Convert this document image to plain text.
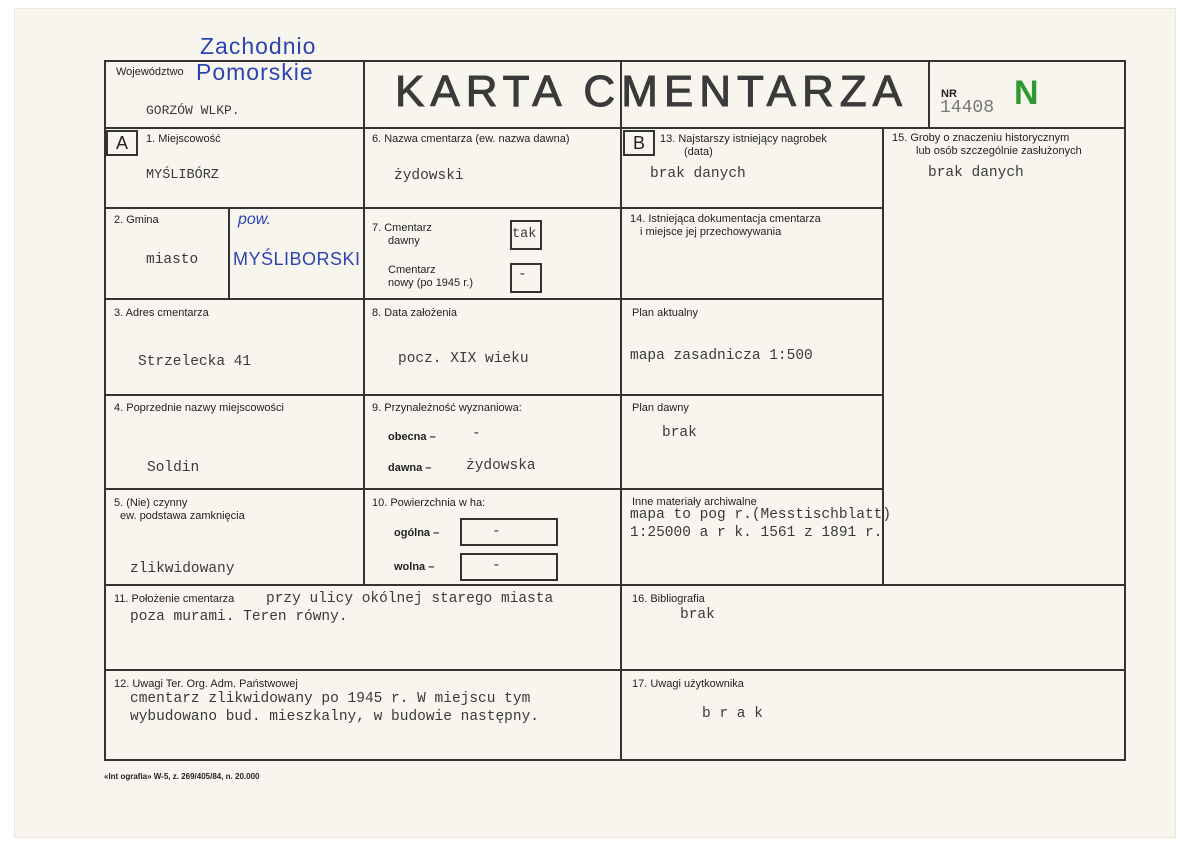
Województwo
Zachodnio
Pomorskie
GORZÓW WLKP.	KARTA CMENTARZA	NR
14408 N
A	B
1. Miejscowość
MYŚLIBÓRZ
6. Nazwa cmentarza (ew. nazwa dawna)
żydowski
13. Najstarszy istniejący nagrobek
(data)
brak danych
15. Groby o znaczeniu historycznym
lub osób szczególnie zasłużonych
brak danych
2. Gmina
miasto
pow.
MYŚLIBORSKI
7. Cmentarz
dawny	tak
Cmentarz
nowy (po 1945 r.)	-
14. Istniejąca dokumentacja cmentarza
i miejsce jej przechowywania
3. Adres cmentarza
Strzelecka 41
8. Data założenia
pocz. XIX wieku
Plan aktualny
mapa zasadnicza 1:500
4. Poprzednie nazwy miejscowości
Soldin
9. Przynależność wyznaniowa:
obecna –	-
dawna – żydowska
Plan dawny
brak
5. (Nie) czynny
ew. podstawa zamknięcia
zlikwidowany
10. Powierzchnia w ha:
ogólna –	-
wolna –	-
Inne materiały archiwalne
mapa to pog r.(Messtischblatt)
1:25000 a r k. 1561 z 1891 r.
11. Położenie cmentarza przy ulicy okólnej starego miasta
poza murami. Teren równy.
16. Bibliografia
brak
12. Uwagi Ter. Org. Adm. Państwowej
cmentarz zlikwidowany po 1945 r. W miejscu tym
wybudowano bud. mieszkalny, w budowie następny.
17. Uwagi użytkownika
b r a k
«Int ografia» W-5, z. 269/405/84, n. 20.000
